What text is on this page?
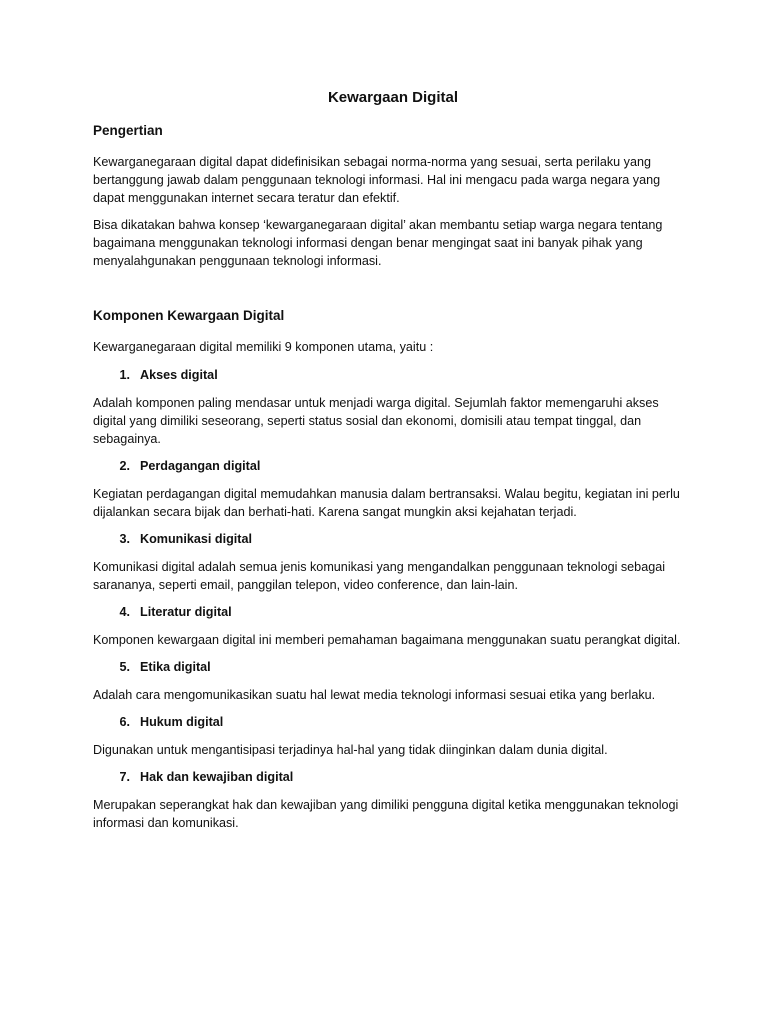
Kewargaan Digital
Pengertian

Kewarganegaraan digital dapat didefinisikan sebagai norma-norma yang sesuai, serta perilaku yang bertanggung jawab dalam penggunaan teknologi informasi. Hal ini mengacu pada warga negara yang dapat menggunakan internet secara teratur dan efektif.

Bisa dikatakan bahwa konsep ‘kewarganegaraan digital’ akan membantu setiap warga negara tentang bagaimana menggunakan teknologi informasi dengan benar mengingat saat ini banyak pihak yang menyalahgunakan penggunaan teknologi informasi.

Komponen Kewargaan Digital

Kewarganegaraan digital memiliki 9 komponen utama, yaitu :

1. Akses digital

Adalah komponen paling mendasar untuk menjadi warga digital. Sejumlah faktor memengaruhi akses digital yang dimiliki seseorang, seperti status sosial dan ekonomi, domisili atau tempat tinggal, dan sebagainya.

2. Perdagangan digital

Kegiatan perdagangan digital memudahkan manusia dalam bertransaksi. Walau begitu, kegiatan ini perlu dijalankan secara bijak dan berhati-hati. Karena sangat mungkin aksi kejahatan terjadi.

3. Komunikasi digital

Komunikasi digital adalah semua jenis komunikasi yang mengandalkan penggunaan teknologi sebagai sarananya, seperti email, panggilan telepon, video conference, dan lain-lain.

4. Literatur digital

Komponen kewargaan digital ini memberi pemahaman bagaimana menggunakan suatu perangkat digital.

5. Etika digital

Adalah cara mengomunikasikan suatu hal lewat media teknologi informasi sesuai etika yang berlaku.

6. Hukum digital

Digunakan untuk mengantisipasi terjadinya hal-hal yang tidak diinginkan dalam dunia digital.

7. Hak dan kewajiban digital

Merupakan seperangkat hak dan kewajiban yang dimiliki pengguna digital ketika menggunakan teknologi informasi dan komunikasi.
